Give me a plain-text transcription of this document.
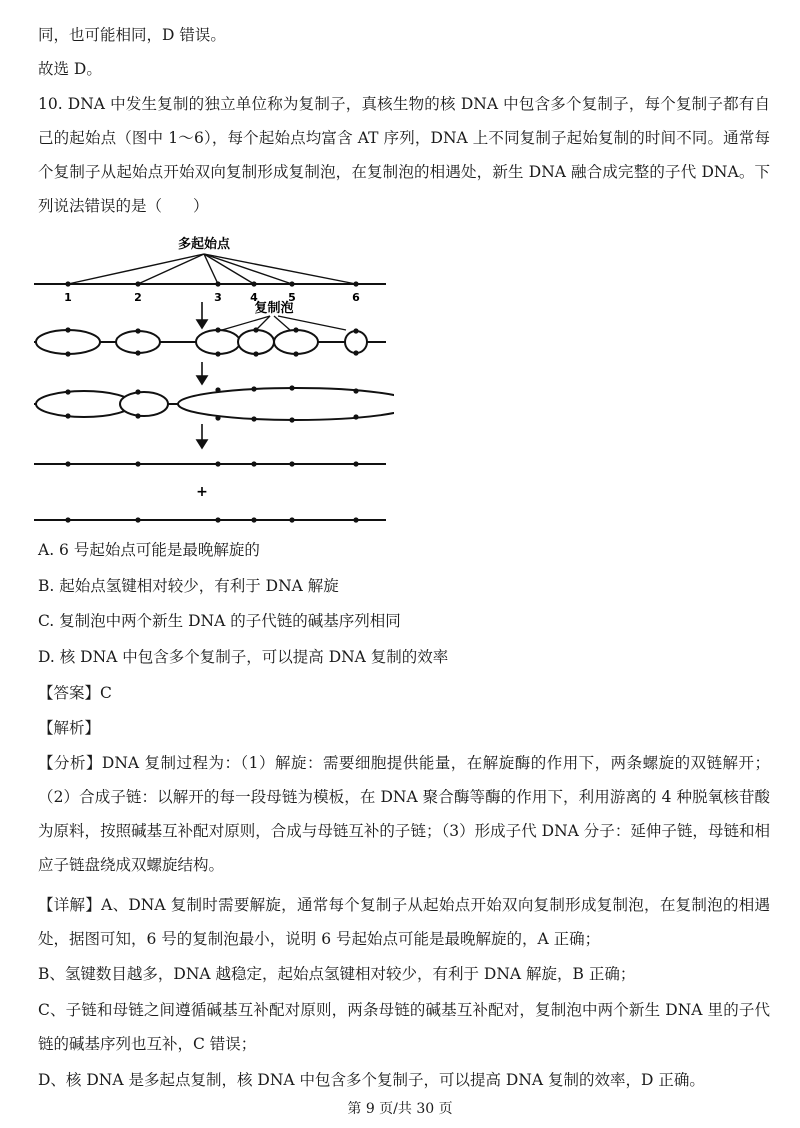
同，也可能相同，D 错误。
故选 D。
10. DNA 中发生复制的独立单位称为复制子，真核生物的核 DNA 中包含多个复制子，每个复制子都有自己的起始点（图中 1～6），每个起始点均富含 AT 序列，DNA 上不同复制子起始复制的时间不同。通常每个复制子从起始点开始双向复制形成复制泡，在复制泡的相遇处，新生 DNA 融合成完整的子代 DNA。下列说法错误的是（　　）
多起始点
1	2	3	4	5	6
复制泡
+
A. 6 号起始点可能是最晚解旋的
B. 起始点氢键相对较少，有利于 DNA 解旋
C. 复制泡中两个新生 DNA 的子代链的碱基序列相同
D. 核 DNA 中包含多个复制子，可以提高 DNA 复制的效率
【答案】C
【解析】
【分析】DNA 复制过程为：（1）解旋：需要细胞提供能量，在解旋酶的作用下，两条螺旋的双链解开；（2）合成子链：以解开的每一段母链为模板，在 DNA 聚合酶等酶的作用下，利用游离的 4 种脱氧核苷酸为原料，按照碱基互补配对原则，合成与母链互补的子链；（3）形成子代 DNA 分子：延伸子链，母链和相应子链盘绕成双螺旋结构。
【详解】A、DNA 复制时需要解旋，通常每个复制子从起始点开始双向复制形成复制泡，在复制泡的相遇处，据图可知，6 号的复制泡最小，说明 6 号起始点可能是最晚解旋的，A 正确；
B、氢键数目越多，DNA 越稳定，起始点氢键相对较少，有利于 DNA 解旋，B 正确；
C、子链和母链之间遵循碱基互补配对原则，两条母链的碱基互补配对，复制泡中两个新生 DNA 里的子代链的碱基序列也互补，C 错误；
D、核 DNA 是多起点复制，核 DNA 中包含多个复制子，可以提高 DNA 复制的效率，D 正确。
第 9 页/共 30 页
